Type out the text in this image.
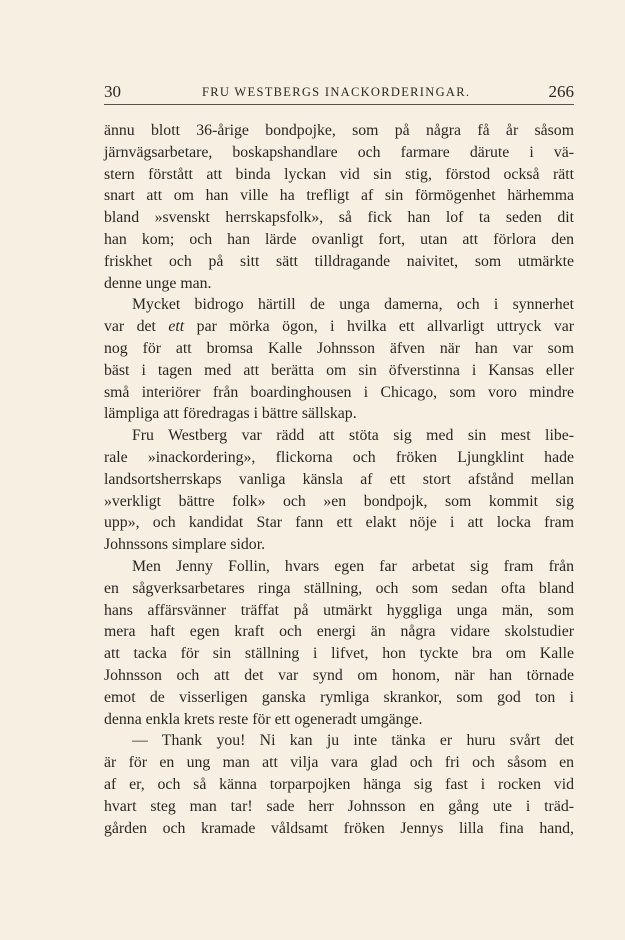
30	FRU WESTBERGS INACKORDERINGAR.	266
ännu blott 36-årige bondpojke, som på några få år såsom
järnvägsarbetare, boskapshandlare och farmare därute i vä-
stern förstått att binda lyckan vid sin stig, förstod också rätt
snart att om han ville ha trefligt af sin förmögenhet härhemma
bland »svenskt herrskapsfolk», så fick han lof ta seden dit
han kom; och han lärde ovanligt fort, utan att förlora den
friskhet och på sitt sätt tilldragande naivitet, som utmärkte
denne unge man.
Mycket bidrogo härtill de unga damerna, och i synnerhet
var det ett par mörka ögon, i hvilka ett allvarligt uttryck var
nog för att bromsa Kalle Johnsson äfven när han var som
bäst i tagen med att berätta om sin öfverstinna i Kansas eller
små interiörer från boardinghousen i Chicago, som voro mindre
lämpliga att föredragas i bättre sällskap.
Fru Westberg var rädd att stöta sig med sin mest libe-
rale »inackordering», flickorna och fröken Ljungklint hade
landsortsherrskaps vanliga känsla af ett stort afstånd mellan
»verkligt bättre folk» och »en bondpojk, som kommit sig
upp», och kandidat Star fann ett elakt nöje i att locka fram
Johnssons simplare sidor.
Men Jenny Follin, hvars egen far arbetat sig fram från
en sågverksarbetares ringa ställning, och som sedan ofta bland
hans affärsvänner träffat på utmärkt hyggliga unga män, som
mera haft egen kraft och energi än några vidare skolstudier
att tacka för sin ställning i lifvet, hon tyckte bra om Kalle
Johnsson och att det var synd om honom, när han törnade
emot de visserligen ganska rymliga skrankor, som god ton i
denna enkla krets reste för ett ogeneradt umgänge.
— Thank you! Ni kan ju inte tänka er huru svårt det
är för en ung man att vilja vara glad och fri och såsom en
af er, och så känna torparpojken hänga sig fast i rocken vid
hvart steg man tar! sade herr Johnsson en gång ute i träd-
gården och kramade våldsamt fröken Jennys lilla fina hand,
